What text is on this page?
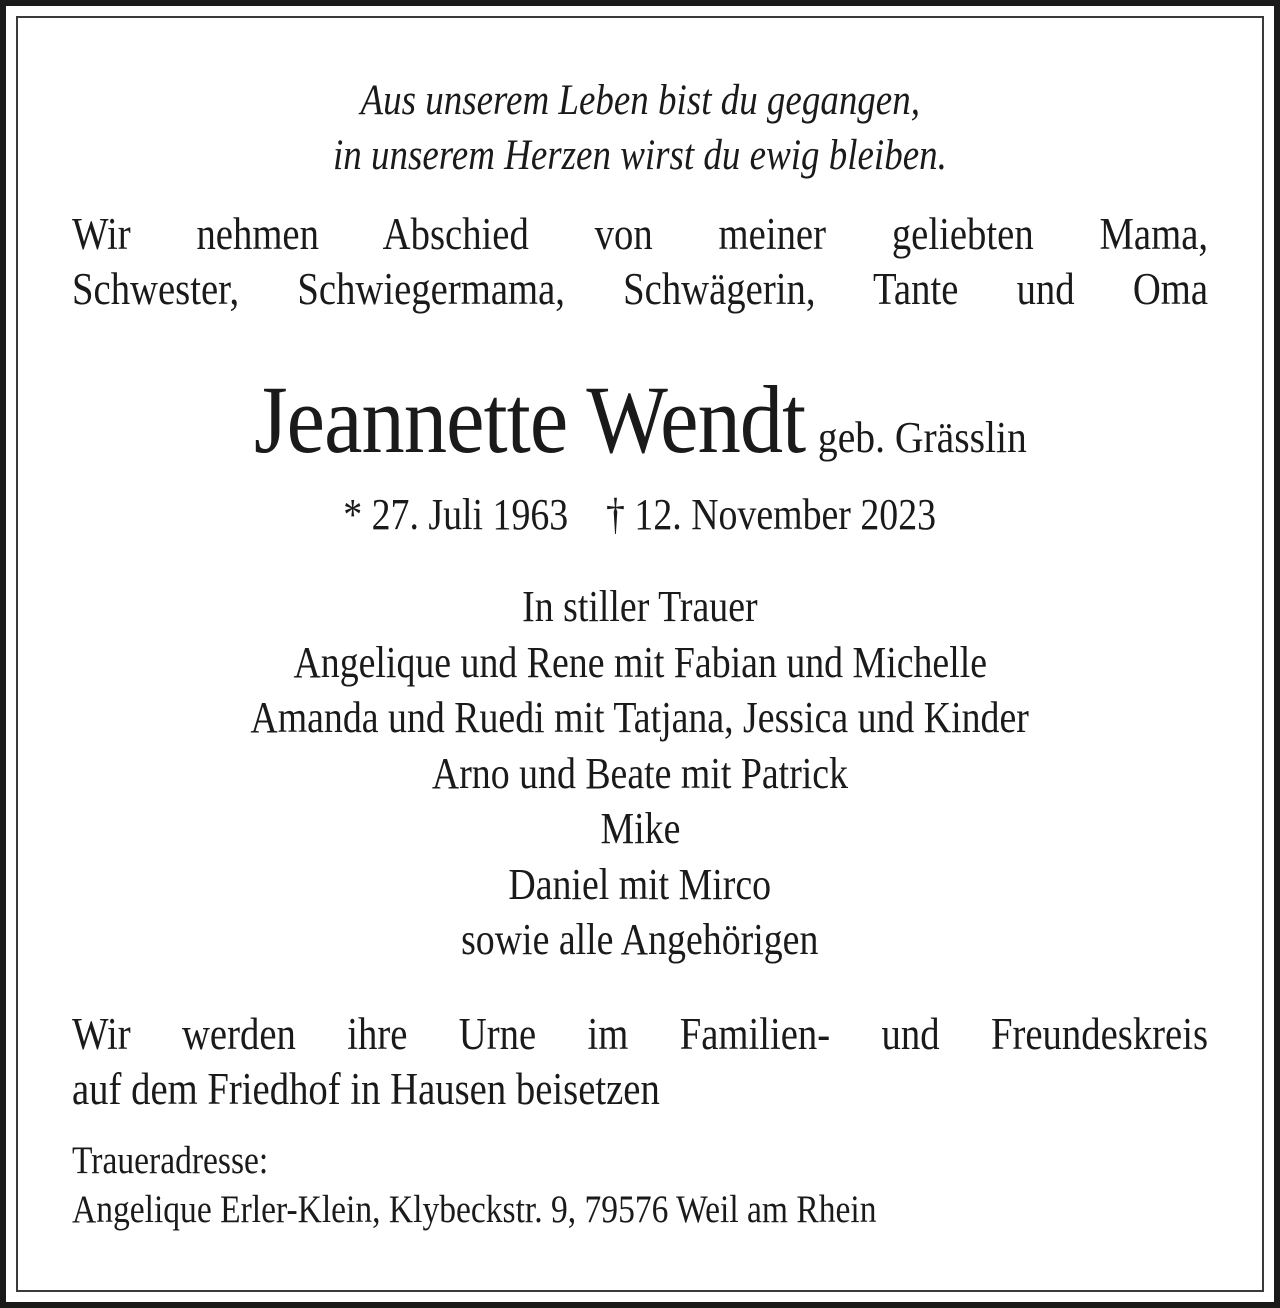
Aus unserem Leben bist du gegangen,
in unserem Herzen wirst du ewig bleiben.
Wir nehmen Abschied von meiner geliebten Mama,
Schwester, Schwiegermama, Schwägerin, Tante und Oma
Jeannette Wendt geb. Grässlin
* 27. Juli 1963 † 12. November 2023
In stiller Trauer
Angelique und Rene mit Fabian und Michelle
Amanda und Ruedi mit Tatjana, Jessica und Kinder
Arno und Beate mit Patrick
Mike
Daniel mit Mirco
sowie alle Angehörigen
Wir werden ihre Urne im Familien- und Freundeskreis
auf dem Friedhof in Hausen beisetzen
Traueradresse:
Angelique Erler-Klein, Klybeckstr. 9, 79576 Weil am Rhein
